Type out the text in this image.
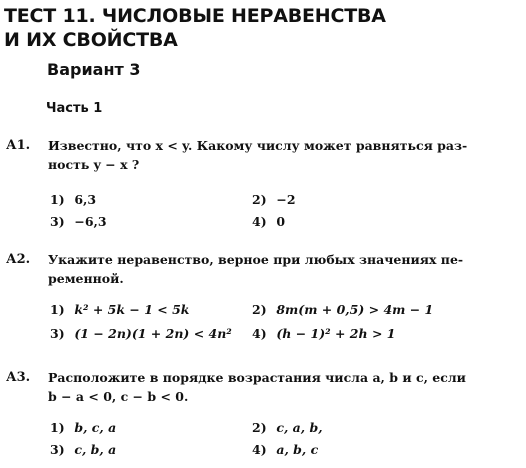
ТЕСТ 11. ЧИСЛОВЫЕ НЕРАВЕНСТВА
И ИХ СВОЙСТВА
Вариант 3
Часть 1
А1. Известно, что x < y. Какому числу может равняться раз-
ность y − x ?
1) 6,3	2) −2
3) −6,3	4) 0
А2. Укажите неравенство, верное при любых значениях пе-
ременной.
1) k² + 5k − 1 < 5k	2) 8m(m + 0,5) > 4m − 1
3) (1 − 2n)(1 + 2n) < 4n² 4) (h − 1)² + 2h > 1
А3. Расположите в порядке возрастания числа a, b и c, если
b − a < 0, c − b < 0.
1) b, c, a	2) c, a, b,
3) c, b, a	4) a, b, c
